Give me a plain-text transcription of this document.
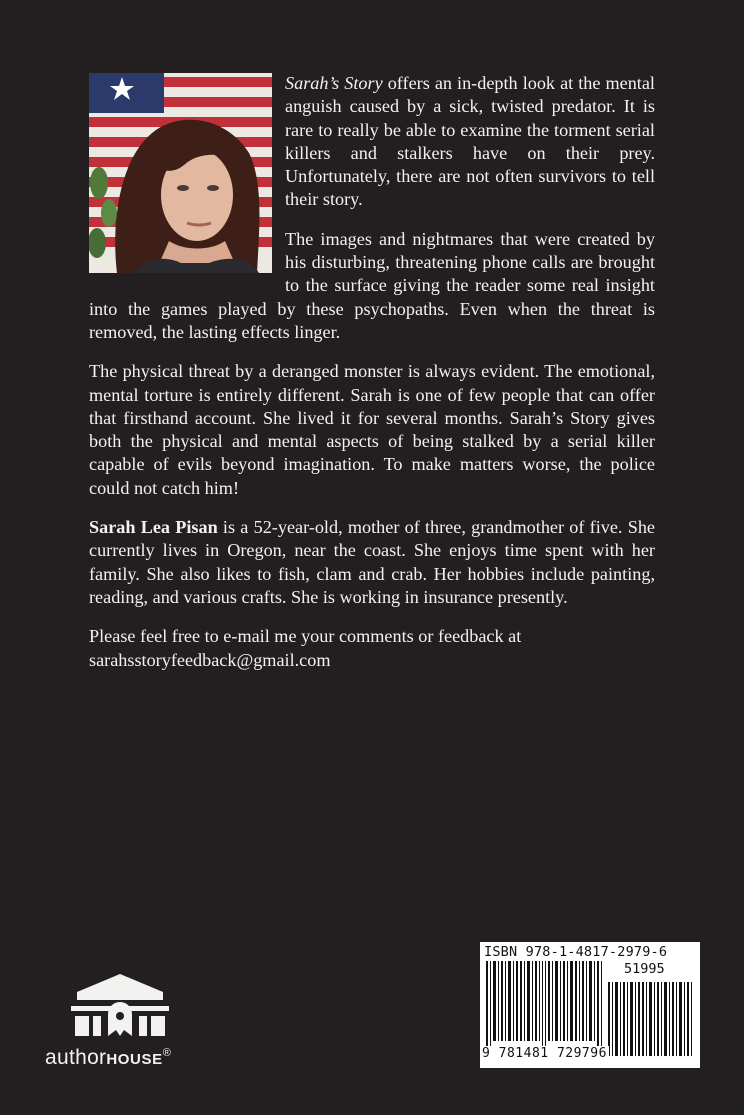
Sarah’s Story offers an in-depth look at the mental anguish caused by a sick, twisted predator. It is rare to really be able to examine the torment serial killers and stalkers have on their prey. Unfortunately, there are not often survivors to tell their story.

The images and nightmares that were created by his disturbing, threatening phone calls are brought to the surface giving the reader some real insight into the games played by these psychopaths. Even when the threat is removed, the lasting effects linger.

The physical threat by a deranged monster is always evident. The emotional, mental torture is entirely different. Sarah is one of few people that can offer that firsthand account. She lived it for several months. Sarah’s Story gives both the physical and mental aspects of being stalked by a serial killer capable of evils beyond imagination. To make matters worse, the police could not catch him!

Sarah Lea Pisan is a 52-year-old, mother of three, grandmother of five. She currently lives in Oregon, near the coast. She enjoys time spent with her family. She also likes to fish, clam and crab. Her hobbies include painting, reading, and various crafts. She is working in insurance presently.

Please feel free to e-mail me your comments or feedback at
sarahsstoryfeedback@gmail.com

authorHOUSE®
ISBN 978-1-4817-2979-6
51995
9 781481 729796
